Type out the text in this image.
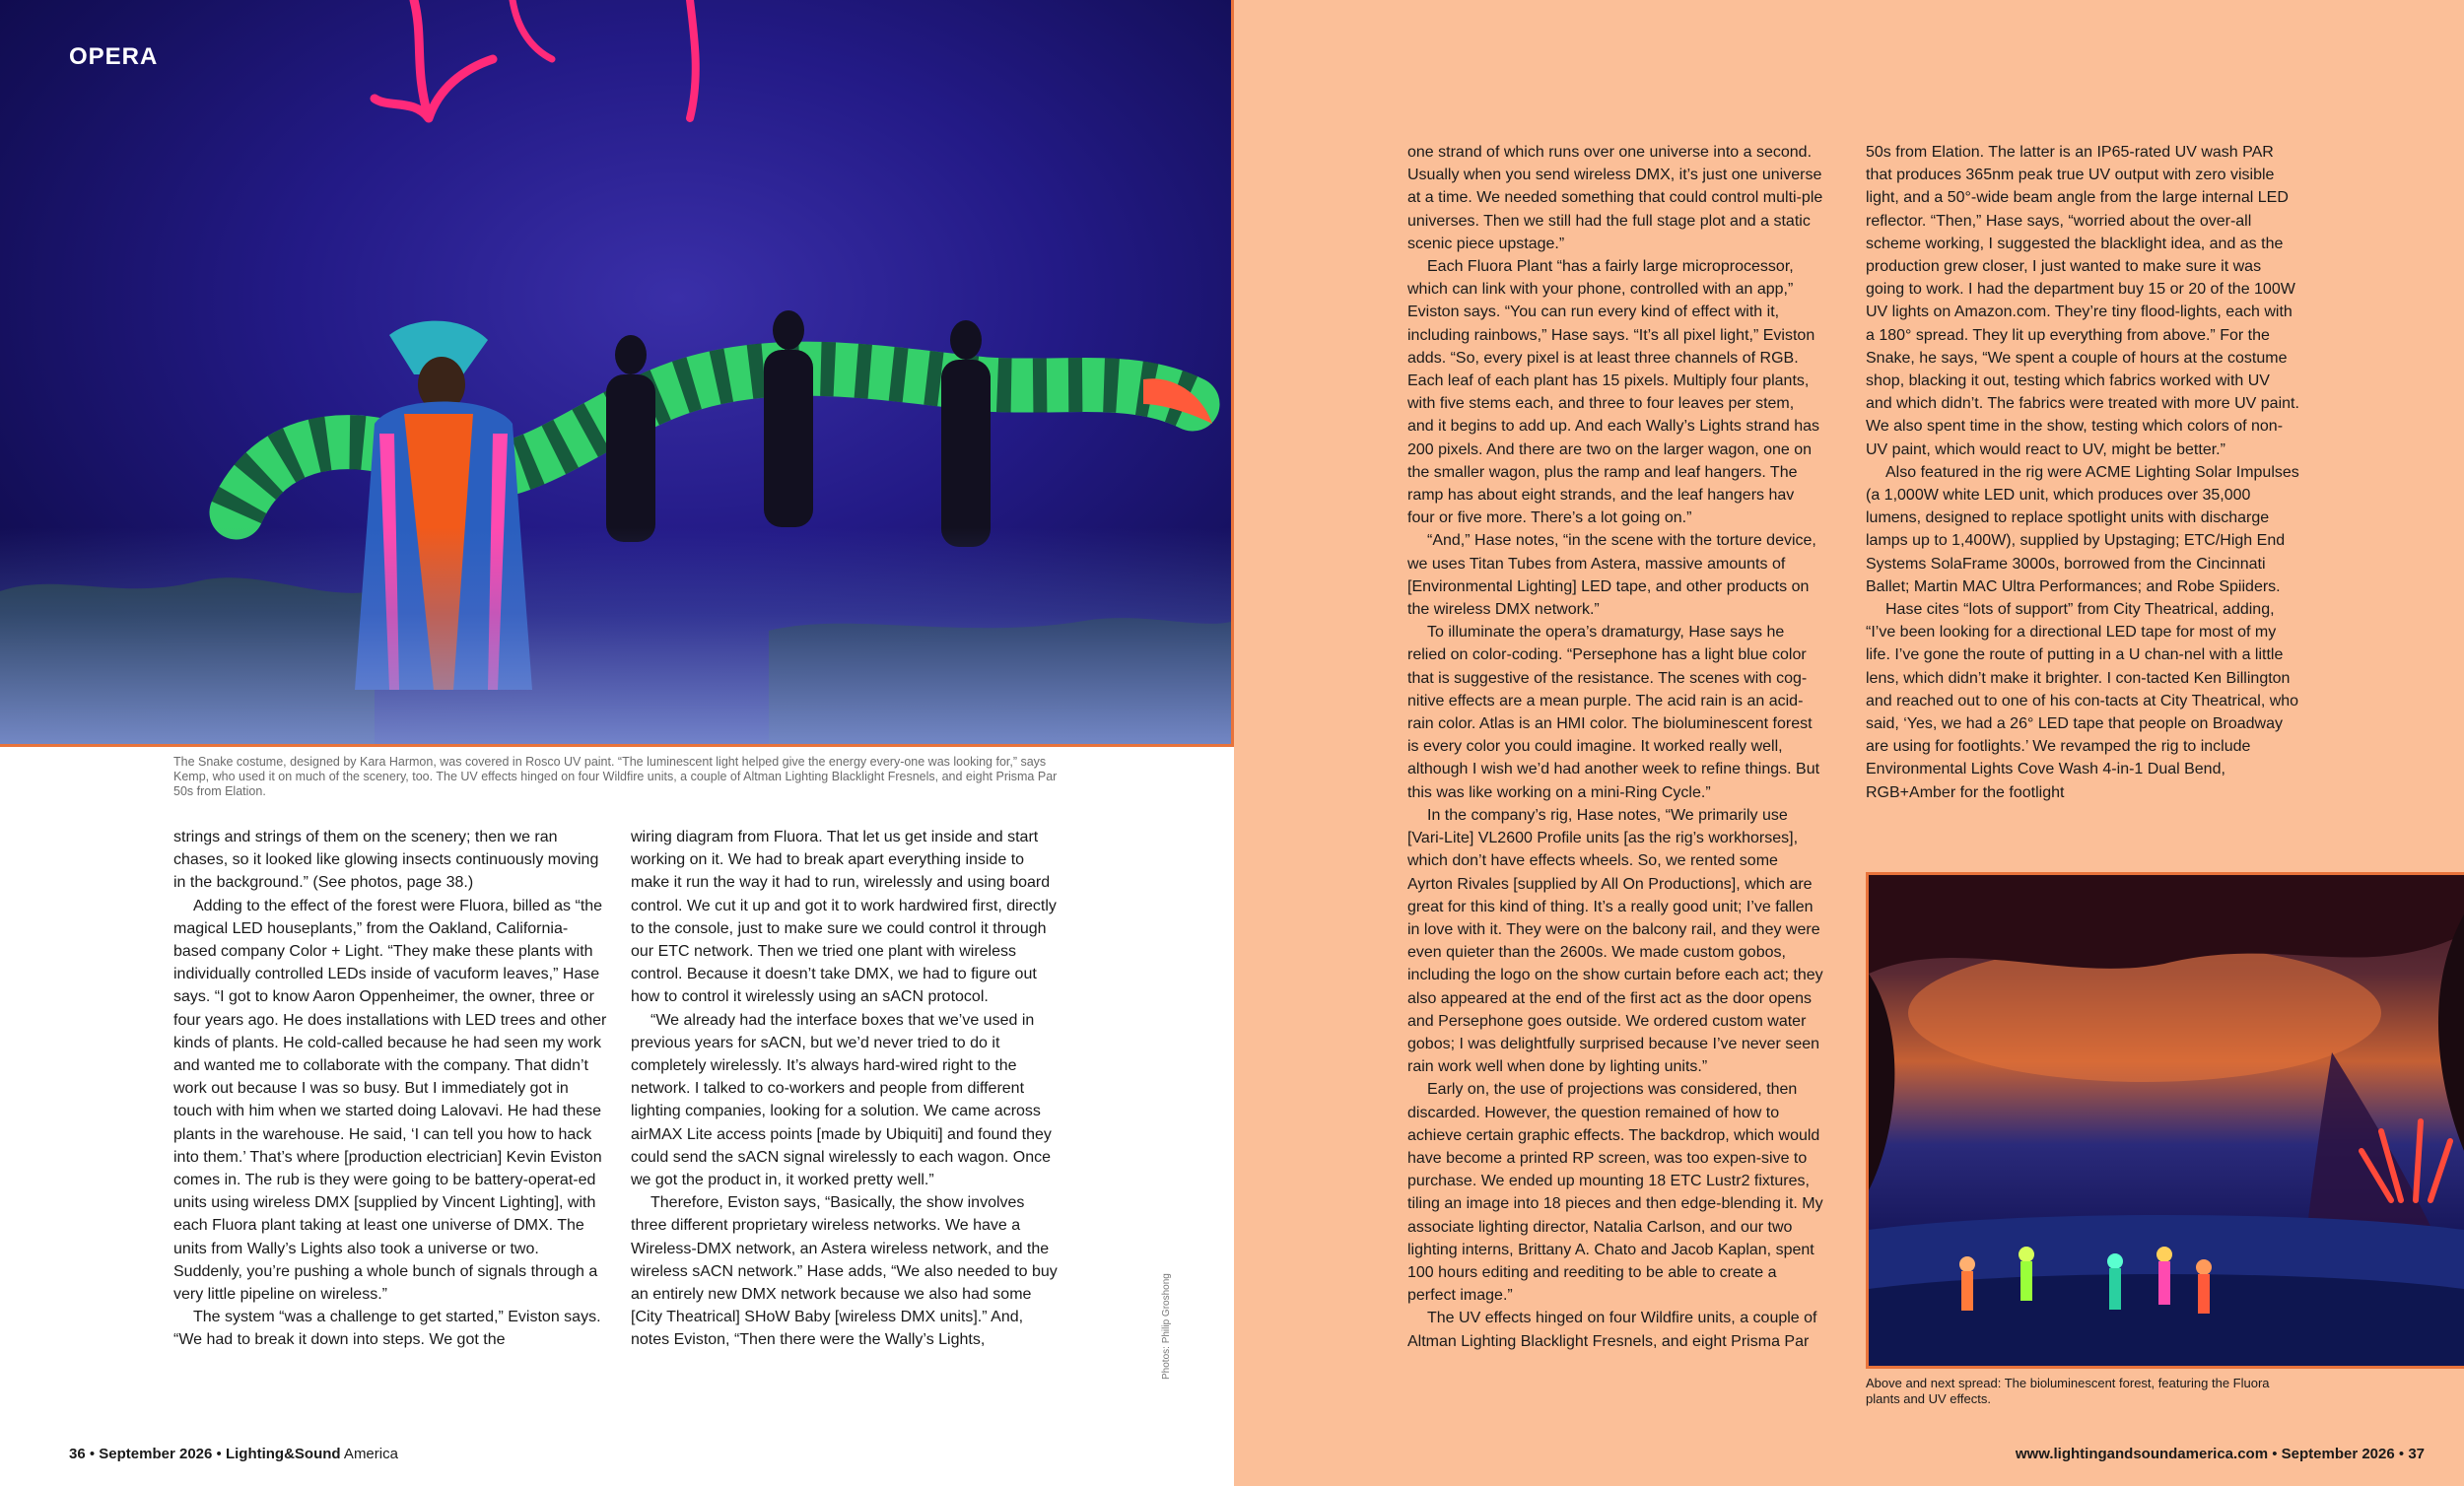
OPERA
The Snake costume, designed by Kara Harmon, was covered in Rosco UV paint. “The luminescent light helped give the energy every-one was looking for,” says Kemp, who used it on much of the scenery, too. The UV effects hinged on four Wildfire units, a couple of Altman Lighting Blacklight Fresnels, and eight Prisma Par 50s from Elation.

strings and strings of them on the scenery; then we ran chases, so it looked like glowing insects continuously moving in the background.” (See photos, page 38.)

Adding to the effect of the forest were Fluora, billed as “the magical LED houseplants,” from the Oakland, California-based company Color + Light. “They make these plants with individually controlled LEDs inside of vacuform leaves,” Hase says. “I got to know Aaron Oppenheimer, the owner, three or four years ago. He does installations with LED trees and other kinds of plants. He cold-called because he had seen my work and wanted me to collaborate with the company. That didn’t work out because I was so busy. But I immediately got in touch with him when we started doing Lalovavi. He had these plants in the warehouse. He said, ‘I can tell you how to hack into them.’ That’s where [production electrician] Kevin Eviston comes in. The rub is they were going to be battery-operat-ed units using wireless DMX [supplied by Vincent Lighting], with each Fluora plant taking at least one universe of DMX. The units from Wally’s Lights also took a universe or two. Suddenly, you’re pushing a whole bunch of signals through a very little pipeline on wireless.”

The system “was a challenge to get started,” Eviston says. “We had to break it down into steps. We got the

wiring diagram from Fluora. That let us get inside and start working on it. We had to break apart everything inside to make it run the way it had to run, wirelessly and using board control. We cut it up and got it to work hardwired first, directly to the console, just to make sure we could control it through our ETC network. Then we tried one plant with wireless control. Because it doesn’t take DMX, we had to figure out how to control it wirelessly using an sACN protocol.

“We already had the interface boxes that we’ve used in previous years for sACN, but we’d never tried to do it completely wirelessly. It’s always hard-wired right to the network. I talked to co-workers and people from different lighting companies, looking for a solution. We came across airMAX Lite access points [made by Ubiquiti] and found they could send the sACN signal wirelessly to each wagon. Once we got the product in, it worked pretty well.”

Therefore, Eviston says, “Basically, the show involves three different proprietary wireless networks. We have a Wireless-DMX network, an Astera wireless network, and the wireless sACN network.” Hase adds, “We also needed to buy an entirely new DMX network because we also had some [City Theatrical] SHoW Baby [wireless DMX units].” And, notes Eviston, “Then there were the Wally’s Lights,	Photos: Philip Groshong

one strand of which runs over one universe into a second. Usually when you send wireless DMX, it’s just one universe at a time. We needed something that could control multi-ple universes. Then we still had the full stage plot and a static scenic piece upstage.”

Each Fluora Plant “has a fairly large microprocessor, which can link with your phone, controlled with an app,” Eviston says. “You can run every kind of effect with it, including rainbows,” Hase says. “It’s all pixel light,” Eviston adds. “So, every pixel is at least three channels of RGB. Each leaf of each plant has 15 pixels. Multiply four plants, with five stems each, and three to four leaves per stem, and it begins to add up. And each Wally’s Lights strand has 200 pixels. And there are two on the larger wagon, one on the smaller wagon, plus the ramp and leaf hangers. The ramp has about eight strands, and the leaf hangers hav four or five more. There’s a lot going on.”

“And,” Hase notes, “in the scene with the torture device, we uses Titan Tubes from Astera, massive amounts of [Environmental Lighting] LED tape, and other products on the wireless DMX network.”

To illuminate the opera’s dramaturgy, Hase says he relied on color-coding. “Persephone has a light blue color that is suggestive of the resistance. The scenes with cog-nitive effects are a mean purple. The acid rain is an acid-rain color. Atlas is an HMI color. The bioluminescent forest is every color you could imagine. It worked really well, although I wish we’d had another week to refine things. But this was like working on a mini-Ring Cycle.”

In the company’s rig, Hase notes, “We primarily use [Vari-Lite] VL2600 Profile units [as the rig’s workhorses], which don’t have effects wheels. So, we rented some Ayrton Rivales [supplied by All On Productions], which are great for this kind of thing. It’s a really good unit; I’ve fallen in love with it. They were on the balcony rail, and they were even quieter than the 2600s. We made custom gobos, including the logo on the show curtain before each act; they also appeared at the end of the first act as the door opens and Persephone goes outside. We ordered custom water gobos; I was delightfully surprised because I’ve never seen rain work well when done by lighting units.”

Early on, the use of projections was considered, then discarded. However, the question remained of how to achieve certain graphic effects. The backdrop, which would have become a printed RP screen, was too expen-sive to purchase. We ended up mounting 18 ETC Lustr2 fixtures, tiling an image into 18 pieces and then edge-blending it. My associate lighting director, Natalia Carlson, and our two lighting interns, Brittany A. Chato and Jacob Kaplan, spent 100 hours editing and reediting to be able to create a perfect image.”

The UV effects hinged on four Wildfire units, a couple of Altman Lighting Blacklight Fresnels, and eight Prisma Par

50s from Elation. The latter is an IP65-rated UV wash PAR that produces 365nm peak true UV output with zero visible light, and a 50°-wide beam angle from the large internal LED reflector. “Then,” Hase says, “worried about the over-all scheme working, I suggested the blacklight idea, and as the production grew closer, I just wanted to make sure it was going to work. I had the department buy 15 or 20 of the 100W UV lights on Amazon.com. They’re tiny flood-lights, each with a 180° spread. They lit up everything from above.” For the Snake, he says, “We spent a couple of hours at the costume shop, blacking it out, testing which fabrics worked with UV and which didn’t. The fabrics were treated with more UV paint. We also spent time in the show, testing which colors of non-UV paint, which would react to UV, might be better.”

Also featured in the rig were ACME Lighting Solar Impulses (a 1,000W white LED unit, which produces over 35,000 lumens, designed to replace spotlight units with discharge lamps up to 1,400W), supplied by Upstaging; ETC/High End Systems SolaFrame 3000s, borrowed from the Cincinnati Ballet; Martin MAC Ultra Performances; and Robe Spiiders.

Hase cites “lots of support” from City Theatrical, adding, “I’ve been looking for a directional LED tape for most of my life. I’ve gone the route of putting in a U chan-nel with a little lens, which didn’t make it brighter. I con-tacted Ken Billington and reached out to one of his con-tacts at City Theatrical, who said, ‘Yes, we had a 26° LED tape that people on Broadway are using for footlights.’ We revamped the rig to include Environmental Lights Cove Wash 4-in-1 Dual Bend, RGB+Amber for the footlight

Above and next spread: The bioluminescent forest, featuring the Fluora plants and UV effects.
36 • September 2026 • Lighting&Sound America	www.lightingandsoundamerica.com • September 2026 • 37
